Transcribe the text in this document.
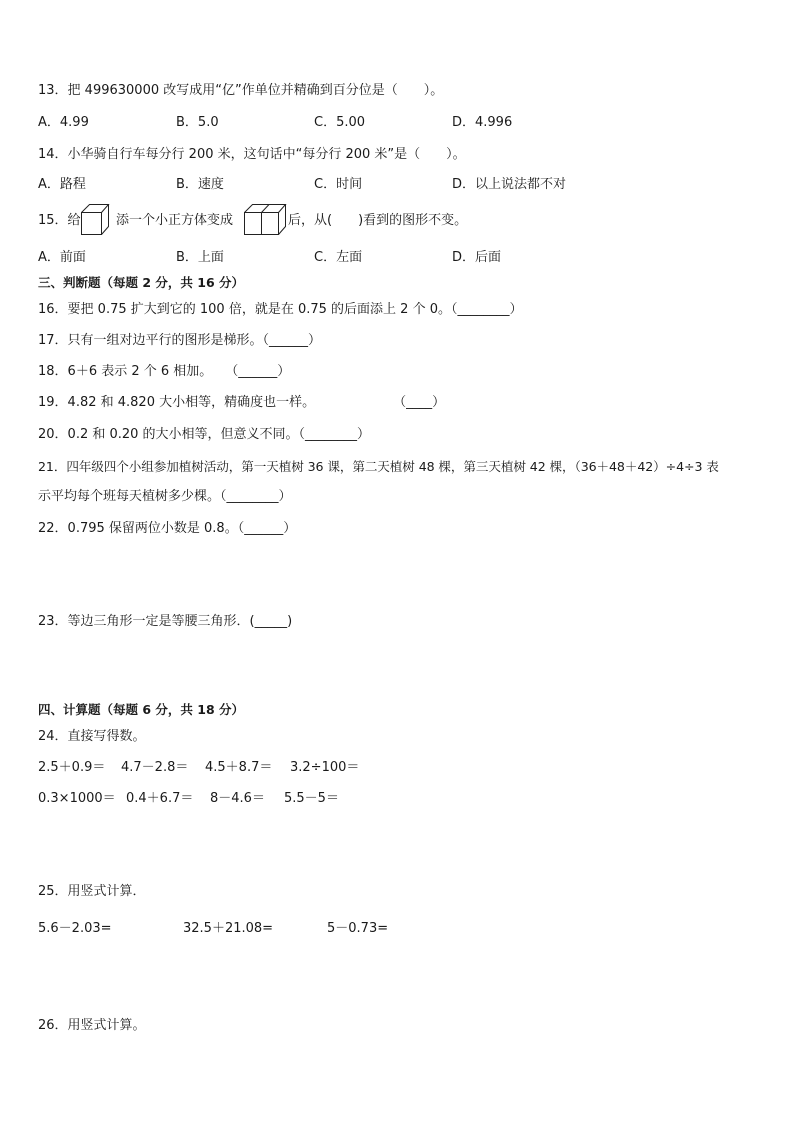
13．把 499630000 改写成用“亿”作单位并精确到百分位是（　　）。
A．4.99	B．5.0	C．5.00	D．4.996
14．小华骑自行车每分行 200 米，这句话中“每分行 200 米”是（　　）。
A．路程	B．速度	C．时间	D．以上说法都不对
15．给	添一个小正方体变成	后，从(　　)看到的图形不变。
A．前面	B．上面	C．左面	D．后面
三、判断题（每题 2 分，共 16 分）
16．要把 0.75 扩大到它的 100 倍，就是在 0.75 的后面添上 2 个 0。（________）
17．只有一组对边平行的图形是梯形。（______）
18．6＋6 表示 2 个 6 相加。　　（______）
19．4.82 和 4.820 大小相等，精确度也一样。　　　　　　　（____）
20．0.2 和 0.20 的大小相等，但意义不同。（________）
21．四年级四个小组参加植树活动，第一天植树 36 课，第二天植树 48 棵，第三天植树 42 棵，（36＋48＋42）÷4÷3 表
示平均每个班每天植树多少棵。（________）
22．0.795 保留两位小数是 0.8。（______）
23．等边三角形一定是等腰三角形．(_____)
四、计算题（每题 6 分，共 18 分）
24．直接写得数。
2.5＋0.9＝ 4.7－2.8＝ 4.5＋8.7＝ 3.2÷100＝
0.3×1000＝ 0.4＋6.7＝ 8－4.6＝ 5.5－5＝
25．用竖式计算．
5.6－2.03=	32.5＋21.08=	5－0.73=
26．用竖式计算。
